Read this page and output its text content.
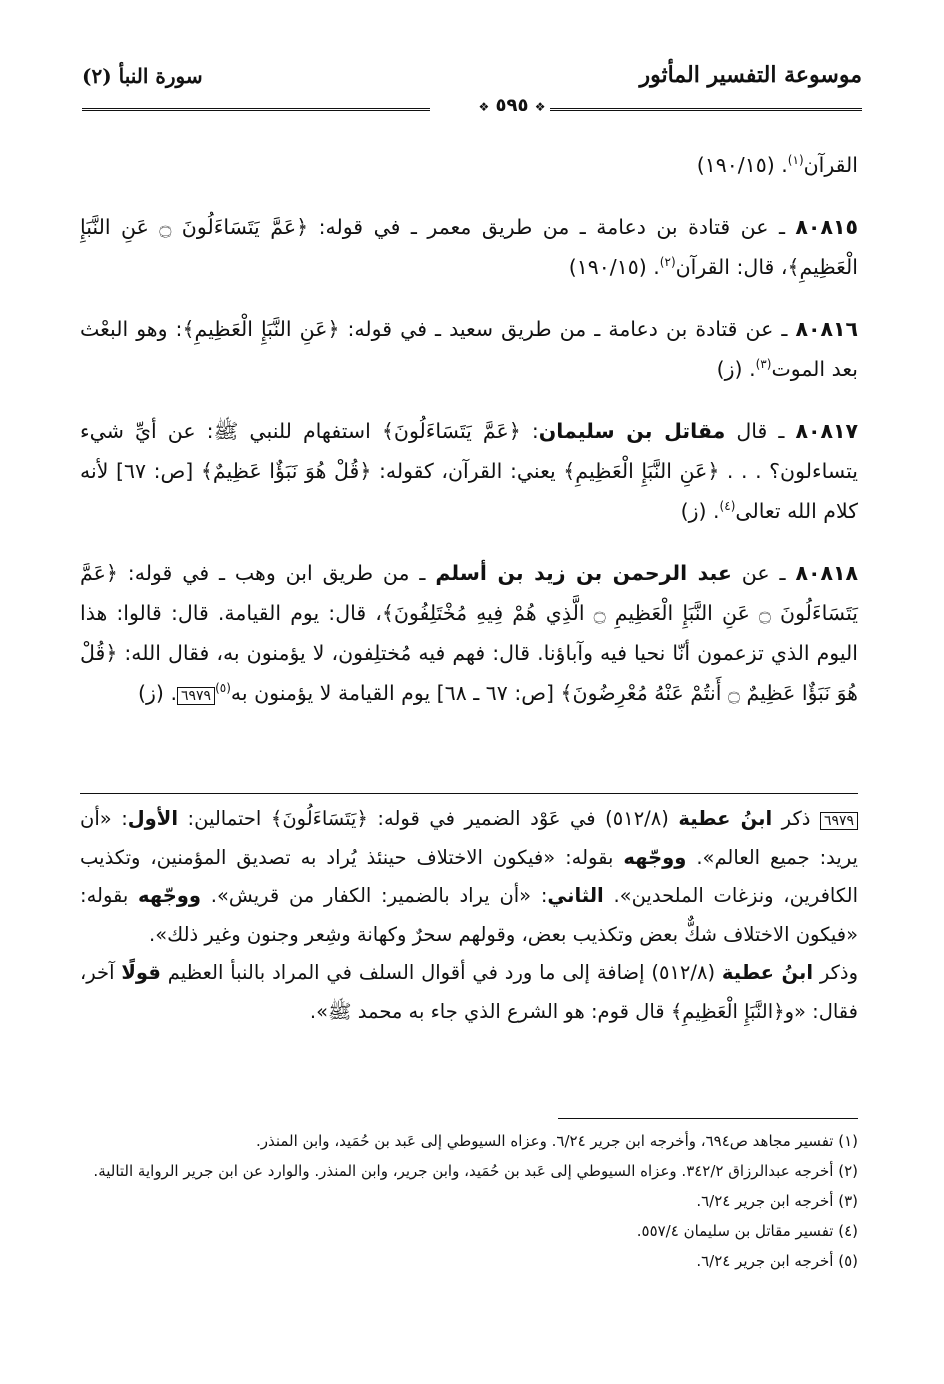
موسوعة التفسير المأثور
سورة النبأ (٢)
❖ ٥٩٥ ❖

القرآن$^{(١)}$. (١٩٠/١٥)

٨٠٨١٥ ـ عن قتادة بن دعامة ـ من طريق معمر ـ في قوله: ﴿عَمَّ يَتَسَاءَلُونَ ۝ عَنِ النَّبَإِ الْعَظِيمِ﴾، قال: القرآن$^{(٢)}$. (١٩٠/١٥)

٨٠٨١٦ ـ عن قتادة بن دعامة ـ من طريق سعيد ـ في قوله: ﴿عَنِ النَّبَإِ الْعَظِيمِ﴾: وهو البعْث بعد الموت$^{(٣)}$. (ز)

٨٠٨١٧ ـ قال مقاتل بن سليمان: ﴿عَمَّ يَتَسَاءَلُونَ﴾ استفهام للنبي ﷺ: عن أيِّ شيء يتساءلون؟ . . . ﴿عَنِ النَّبَإِ الْعَظِيمِ﴾ يعني: القرآن، كقوله: ﴿قُلْ هُوَ نَبَؤٌا عَظِيمٌ﴾ [ص: ٦٧] لأنه كلام الله تعالى$^{(٤)}$. (ز)

٨٠٨١٨ ـ عن عبد الرحمن بن زيد بن أسلم ـ من طريق ابن وهب ـ في قوله: ﴿عَمَّ يَتَسَاءَلُونَ ۝ عَنِ النَّبَإِ الْعَظِيمِ ۝ الَّذِي هُمْ فِيهِ مُخْتَلِفُونَ﴾، قال: يوم القيامة. قال: قالوا: هذا اليوم الذي تزعمون أنّا نحيا فيه وآباؤنا. قال: فهم فيه مُختلِفون، لا يؤمنون به، فقال الله: ﴿قُلْ هُوَ نَبَؤٌا عَظِيمٌ ۝ أَنتُمْ عَنْهُ مُعْرِضُونَ﴾ [ص: ٦٧ ـ ٦٨] يوم القيامة لا يؤمنون به$^{(٥)}$٦٩٧٩. (ز)

٦٩٧٩ ذكر ابنُ عطية (٥١٢/٨) في عَوْد الضمير في قوله: ﴿يَتَسَاءَلُونَ﴾ احتمالين: الأول: «أن يريد: جميع العالم». ووجّهه بقوله: «فيكون الاختلاف حينئذ يُراد به تصديق المؤمنين، وتكذيب الكافرين، ونزغات الملحدين». الثاني: «أن يراد بالضمير: الكفار من قريش». ووجّهه بقوله: «فيكون الاختلاف شكٌّ بعض وتكذيب بعض، وقولهم سحرٌ وكهانة وشِعر وجنون وغير ذلك».

وذكر ابنُ عطية (٥١٢/٨) إضافة إلى ما ورد في أقوال السلف في المراد بالنبأ العظيم قولًا آخر، فقال: «و﴿النَّبَإِ الْعَظِيمِ﴾ قال قوم: هو الشرع الذي جاء به محمد ﷺ».

(١) تفسير مجاهد ص٦٩٤، وأخرجه ابن جرير ٦/٢٤. وعزاه السيوطي إلى عَبد بن حُمَيد، وابن المنذر.

(٢) أخرجه عبدالرزاق ٣٤٢/٢. وعزاه السيوطي إلى عَبد بن حُمَيد، وابن جرير، وابن المنذر. والوارد عن ابن جرير الرواية التالية.

(٣) أخرجه ابن جرير ٦/٢٤.

(٤) تفسير مقاتل بن سليمان ٥٥٧/٤.

(٥) أخرجه ابن جرير ٦/٢٤.
